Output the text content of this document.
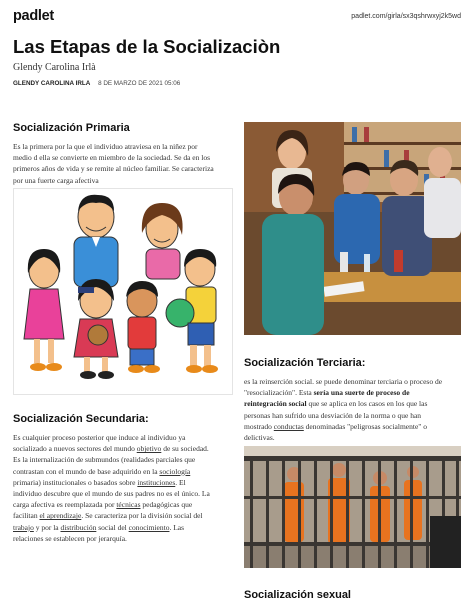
padlet	padlet.com/girla/sx3qshrwxyj2k5wd
Las Etapas de la Socializaciòn
Glendy Carolina Irlà
GLENDY CAROLINA IRLA 8 DE MARZO DE 2021 05:06
Socialización Primaria
Es la primera por la que el individuo atraviesa en la niñez por
medio d ella se convierte en miembro de la sociedad. Se da en los
primeros años de vida y se remite al núcleo familiar. Se caracteriza
por una fuerte carga afectiva
Socialización Secundaria:
Es cualquier proceso posterior que induce al individuo ya
socializado a nuevos sectores del mundo objetivo de su sociedad.
Es la internalización de submundos (realidades parciales que
contrastan con el mundo de base adquirido en la sociología
primaria) institucionales o basados sobre instituciones. El
individuo descubre que el mundo de sus padres no es el único. La
carga afectiva es reemplazada por técnicas pedagógicas que
facilitan el aprendizaje. Se caracteriza por la división social del
trabajo y por la distribución social del conocimiento. Las
relaciones se establecen por jerarquía.
Socialización Terciaria:
es la reinserción social. se puede denominar terciaria o proceso de
"resocialización". Esta sería una suerte de proceso de
reintegración social que se aplica en los casos en los que las
personas han sufrido una desviación de la norma o que han
mostrado conductas denominadas "peligrosas socialmente" o
delictivas.
Socialización sexual
